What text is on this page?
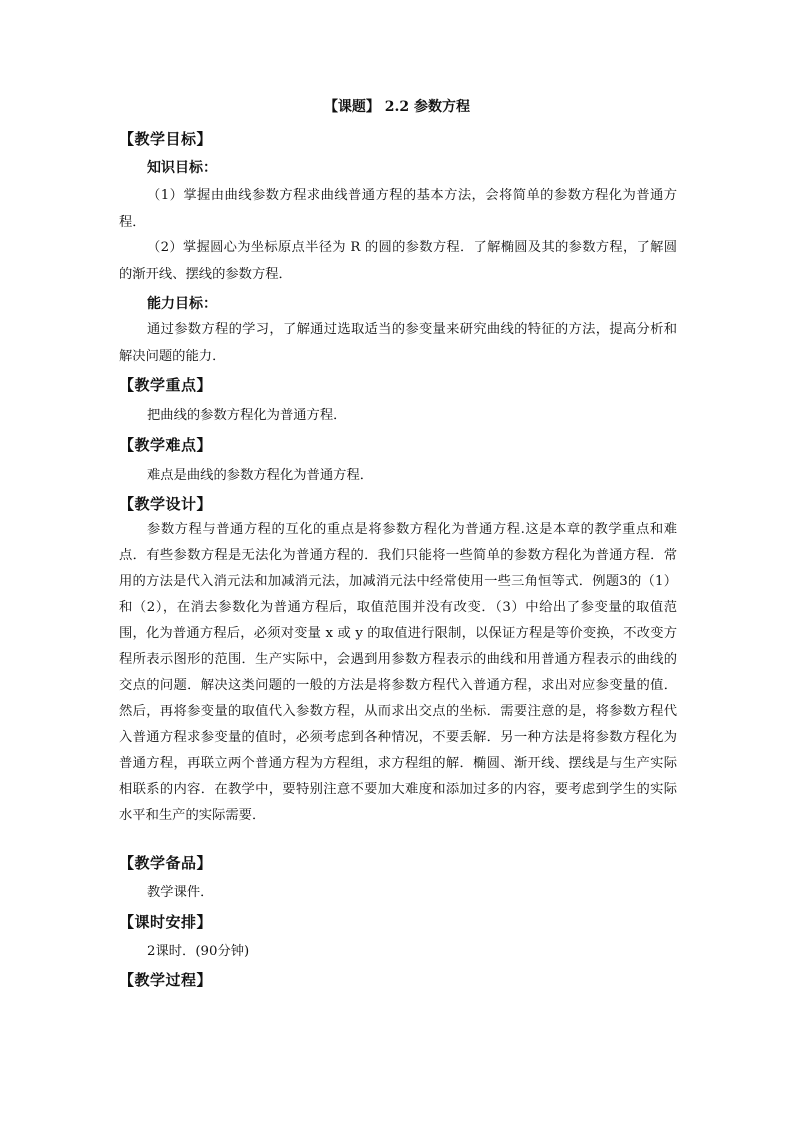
【课题】 2.2 参数方程
【教学目标】
知识目标：

（1）掌握由曲线参数方程求曲线普通方程的基本方法，会将简单的参数方程化为普通方程．

（2）掌握圆心为坐标原点半径为 R 的圆的参数方程．了解椭圆及其的参数方程，了解圆的渐开线、摆线的参数方程．

能力目标：

通过参数方程的学习，了解通过选取适当的参变量来研究曲线的特征的方法，提高分析和解决问题的能力．

【教学重点】
把曲线的参数方程化为普通方程．
【教学难点】
难点是曲线的参数方程化为普通方程．
【教学设计】

参数方程与普通方程的互化的重点是将参数方程化为普通方程.这是本章的教学重点和难点．有些参数方程是无法化为普通方程的．我们只能将一些简单的参数方程化为普通方程．常用的方法是代入消元法和加减消元法，加减消元法中经常使用一些三角恒等式．例题3的（1）和（2），在消去参数化为普通方程后，取值范围并没有改变．（3）中给出了参变量的取值范围，化为普通方程后，必须对变量 x 或 y 的取值进行限制，以保证方程是等价变换，不改变方程所表示图形的范围．生产实际中，会遇到用参数方程表示的曲线和用普通方程表示的曲线的交点的问题．解决这类问题的一般的方法是将参数方程代入普通方程，求出对应参变量的值．然后，再将参变量的取值代入参数方程，从而求出交点的坐标．需要注意的是，将参数方程代入普通方程求参变量的值时，必须考虑到各种情况，不要丢解．另一种方法是将参数方程化为普通方程，再联立两个普通方程为方程组，求方程组的解．椭圆、渐开线、摆线是与生产实际相联系的内容．在教学中，要特别注意不要加大难度和添加过多的内容，要考虑到学生的实际水平和生产的实际需要．

【教学备品】
教学课件．
【课时安排】
2课时．(90分钟)
【教学过程】
